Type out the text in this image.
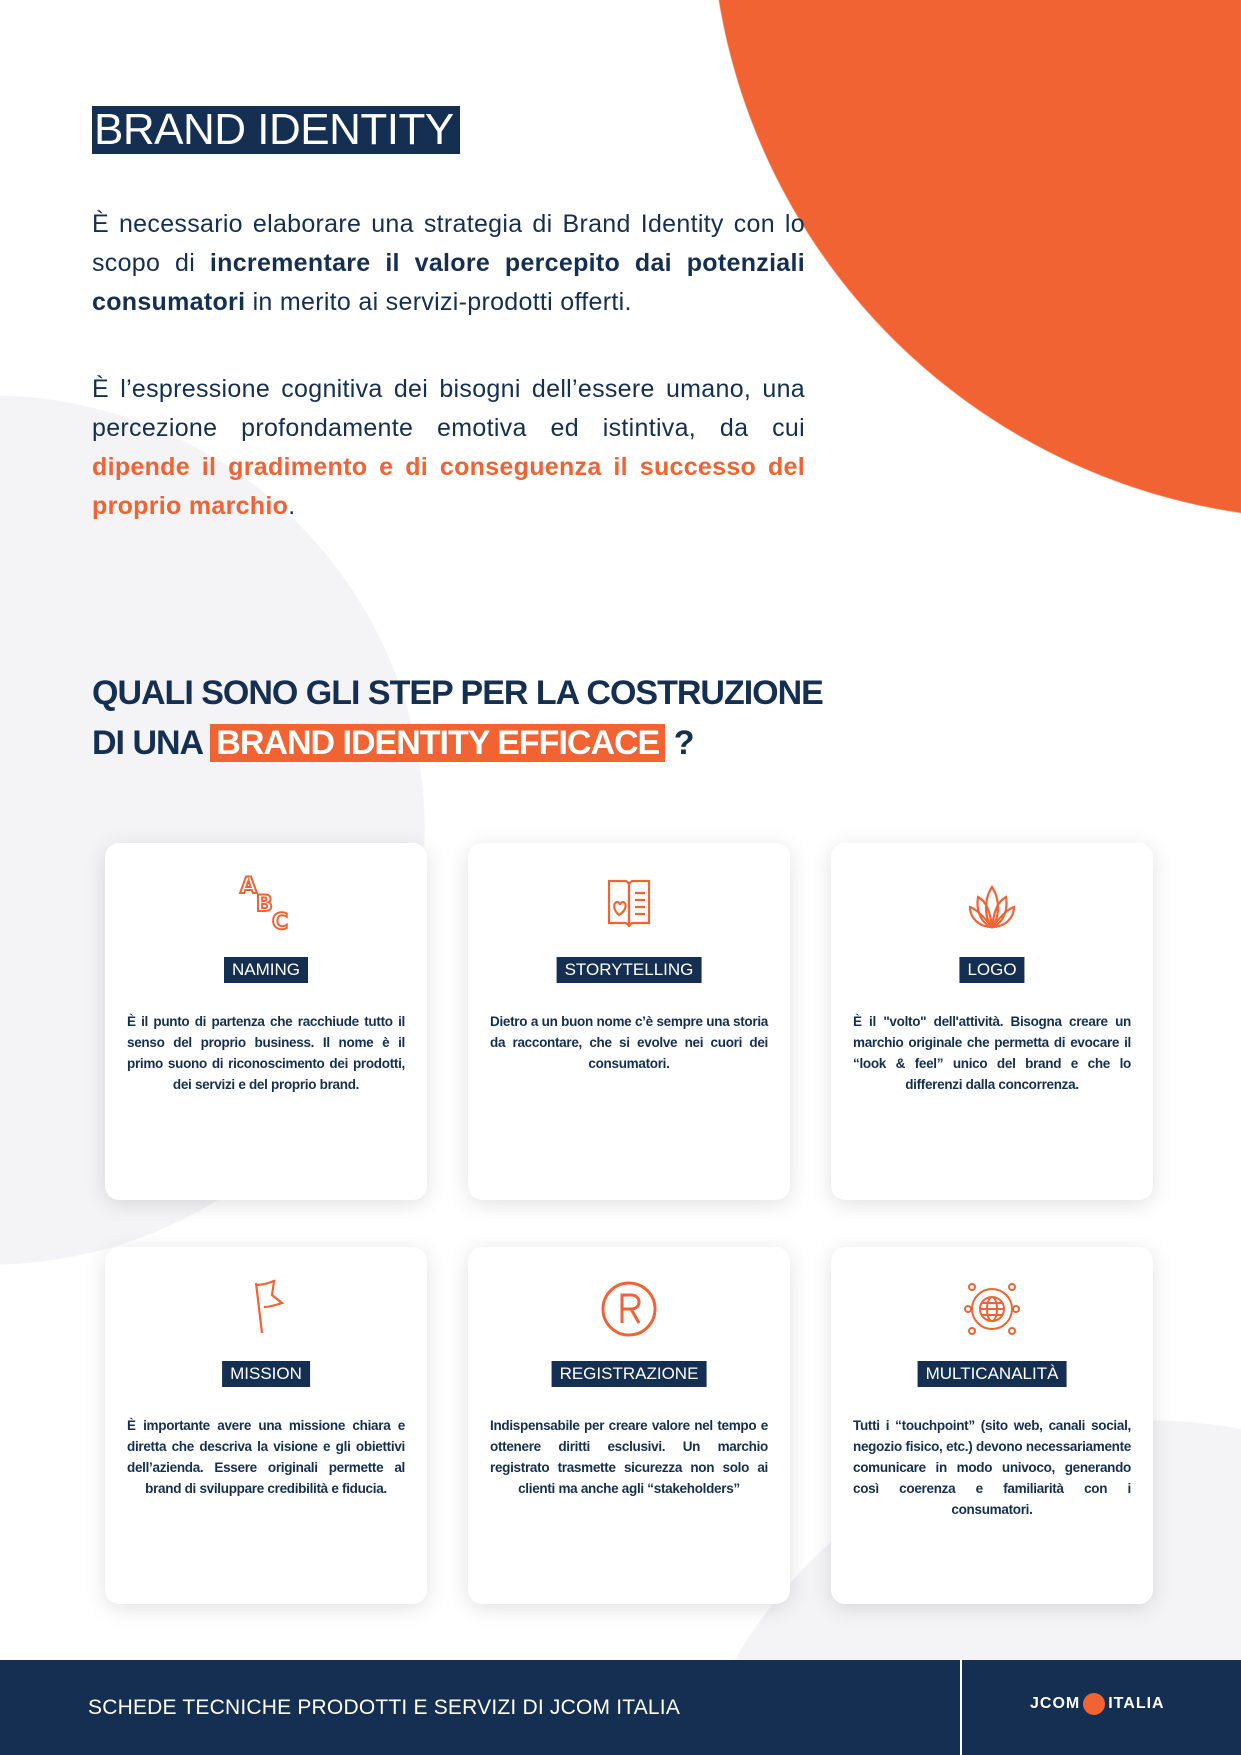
BRAND IDENTITY

È necessario elaborare una strategia di Brand Identity con lo scopo di incrementare il valore percepito dai potenziali consumatori in merito ai servizi-prodotti offerti.

È l’espressione cognitiva dei bisogni dell’essere umano, una percezione profondamente emotiva ed istintiva, da cui dipende il gradimento e di conseguenza il successo del proprio marchio.

QUALI SONO GLI STEP PER LA COSTRUZIONE
DI UNA BRAND IDENTITY EFFICACE ?
A
B
C
NAMING
È il punto di partenza che racchiude tutto il senso del proprio business. Il nome è il primo suono di riconoscimento dei prodotti, dei servizi e del proprio brand.
STORYTELLING
Dietro a un buon nome c’è sempre una storia da raccontare, che si evolve nei cuori dei consumatori.
LOGO
È il "volto" dell'attività. Bisogna creare un marchio originale che permetta di evocare il “look & feel” unico del brand e che lo differenzi dalla concorrenza.
MISSION
È importante avere una missione chiara e diretta che descriva la visione e gli obiettivi dell’azienda. Essere originali permette al brand di sviluppare credibilità e fiducia.
REGISTRAZIONE
Indispensabile per creare valore nel tempo e ottenere diritti esclusivi. Un marchio registrato trasmette sicurezza non solo ai clienti ma anche agli “stakeholders”
MULTICANALITÀ
Tutti i “touchpoint” (sito web, canali social, negozio fisico, etc.) devono necessariamente comunicare in modo univoco, generando così coerenza e familiarità con i consumatori.
SCHEDE TECNICHE PRODOTTI E SERVIZI DI JCOM ITALIA	JCOM ITALIA
